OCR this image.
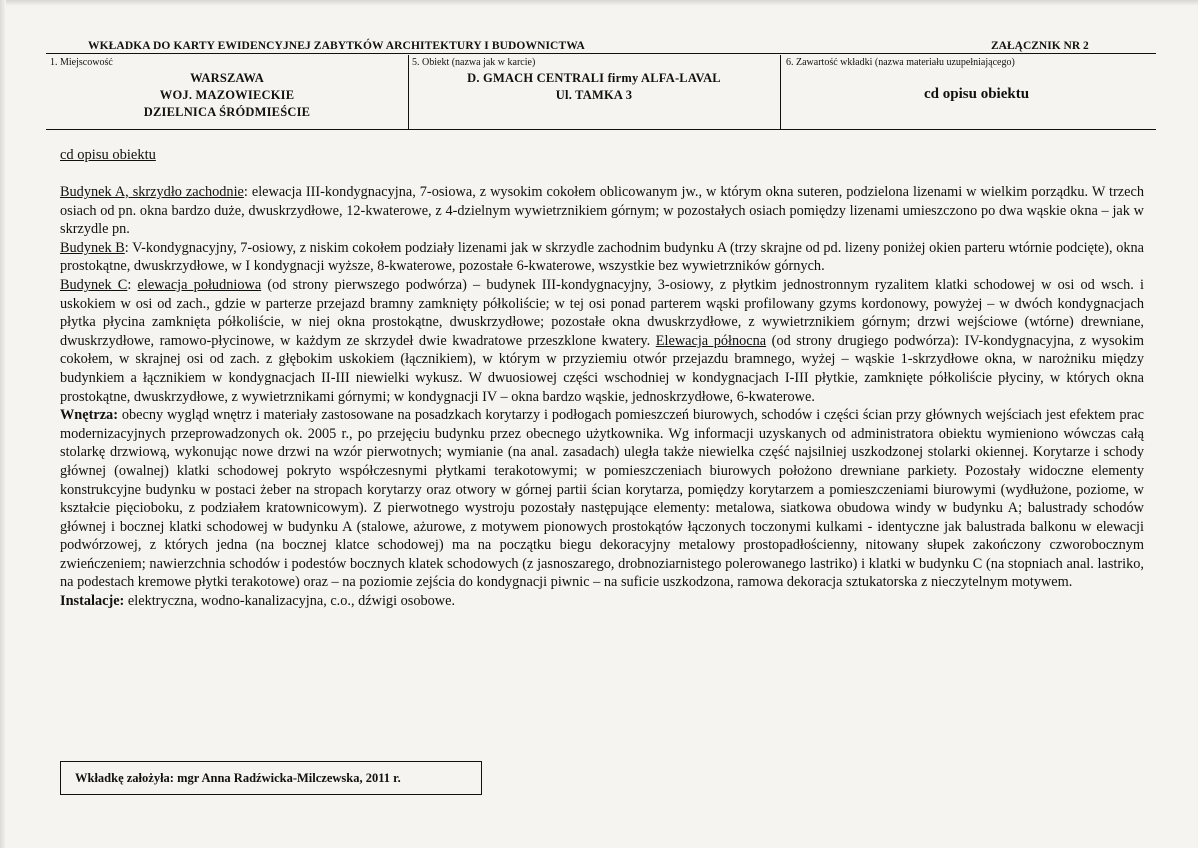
WKŁADKA DO KARTY EWIDENCYJNEJ ZABYTKÓW ARCHITEKTURY I BUDOWNICTWA	ZAŁĄCZNIK NR 2
1. Miejscowość
WARSZAWA
WOJ. MAZOWIECKIE
DZIELNICA ŚRÓDMIEŚCIE
5. Obiekt (nazwa jak w karcie)
D. GMACH CENTRALI firmy ALFA-LAVAL
Ul. TAMKA 3
6. Zawartość wkładki (nazwa materiału uzupełniającego)
cd opisu obiektu
cd opisu obiektu

Budynek A, skrzydło zachodnie: elewacja III-kondygnacyjna, 7-osiowa, z wysokim cokołem oblicowanym jw., w którym okna suteren, podzielona lizenami w wielkim porządku. W trzech osiach od pn. okna bardzo duże, dwuskrzydłowe, 12-kwaterowe, z 4-dzielnym wywietrznikiem górnym; w pozostałych osiach pomiędzy lizenami umieszczono po dwa wąskie okna – jak w skrzydle pn.

Budynek B: V-kondygnacyjny, 7-osiowy, z niskim cokołem podziały lizenami jak w skrzydle zachodnim budynku A (trzy skrajne od pd. lizeny poniżej okien parteru wtórnie podcięte), okna prostokątne, dwuskrzydłowe, w I kondygnacji wyższe, 8-kwaterowe, pozostałe 6-kwaterowe, wszystkie bez wywietrzników górnych.

Budynek C: elewacja południowa (od strony pierwszego podwórza) – budynek III-kondygnacyjny, 3-osiowy, z płytkim jednostronnym ryzalitem klatki schodowej w osi od wsch. i uskokiem w osi od zach., gdzie w parterze przejazd bramny zamknięty półkoliście; w tej osi ponad parterem wąski profilowany gzyms kordonowy, powyżej – w dwóch kondygnacjach płytka płycina zamknięta półkoliście, w niej okna prostokątne, dwuskrzydłowe; pozostałe okna dwuskrzydłowe, z wywietrznikiem górnym; drzwi wejściowe (wtórne) drewniane, dwuskrzydłowe, ramowo-płycinowe, w każdym ze skrzydeł dwie kwadratowe przeszklone kwatery. Elewacja północna (od strony drugiego podwórza): IV-kondygnacyjna, z wysokim cokołem, w skrajnej osi od zach. z głębokim uskokiem (łącznikiem), w którym w przyziemiu otwór przejazdu bramnego, wyżej – wąskie 1-skrzydłowe okna, w narożniku między budynkiem a łącznikiem w kondygnacjach II-III niewielki wykusz. W dwuosiowej części wschodniej w kondygnacjach I-III płytkie, zamknięte półkoliście płyciny, w których okna prostokątne, dwuskrzydłowe, z wywietrznikami górnymi; w kondygnacji IV – okna bardzo wąskie, jednoskrzydłowe, 6-kwaterowe.

Wnętrza: obecny wygląd wnętrz i materiały zastosowane na posadzkach korytarzy i podłogach pomieszczeń biurowych, schodów i części ścian przy głównych wejściach jest efektem prac modernizacyjnych przeprowadzonych ok. 2005 r., po przejęciu budynku przez obecnego użytkownika. Wg informacji uzyskanych od administratora obiektu wymieniono wówczas całą stolarkę drzwiową, wykonując nowe drzwi na wzór pierwotnych; wymianie (na anal. zasadach) uległa także niewielka część najsilniej uszkodzonej stolarki okiennej. Korytarze i schody głównej (owalnej) klatki schodowej pokryto współczesnymi płytkami terakotowymi; w pomieszczeniach biurowych położono drewniane parkiety. Pozostały widoczne elementy konstrukcyjne budynku w postaci żeber na stropach korytarzy oraz otwory w górnej partii ścian korytarza, pomiędzy korytarzem a pomieszczeniami biurowymi (wydłużone, poziome, w kształcie pięcioboku, z podziałem kratownicowym). Z pierwotnego wystroju pozostały następujące elementy: metalowa, siatkowa obudowa windy w budynku A; balustrady schodów głównej i bocznej klatki schodowej w budynku A (stalowe, ażurowe, z motywem pionowych prostokątów łączonych toczonymi kulkami - identyczne jak balustrada balkonu w elewacji podwórzowej, z których jedna (na bocznej klatce schodowej) ma na początku biegu dekoracyjny metalowy prostopadłościenny, nitowany słupek zakończony czworobocznym zwieńczeniem; nawierzchnia schodów i podestów bocznych klatek schodowych (z jasnoszarego, drobnoziarnistego polerowanego lastriko) i klatki w budynku C (na stopniach anal. lastriko, na podestach kremowe płytki terakotowe) oraz – na poziomie zejścia do kondygnacji piwnic – na suficie uszkodzona, ramowa dekoracja sztukatorska z nieczytelnym motywem.

Instalacje: elektryczna, wodno-kanalizacyjna, c.o., dźwigi osobowe.

Wkładkę założyła: mgr Anna Radźwicka-Milczewska, 2011 r.
